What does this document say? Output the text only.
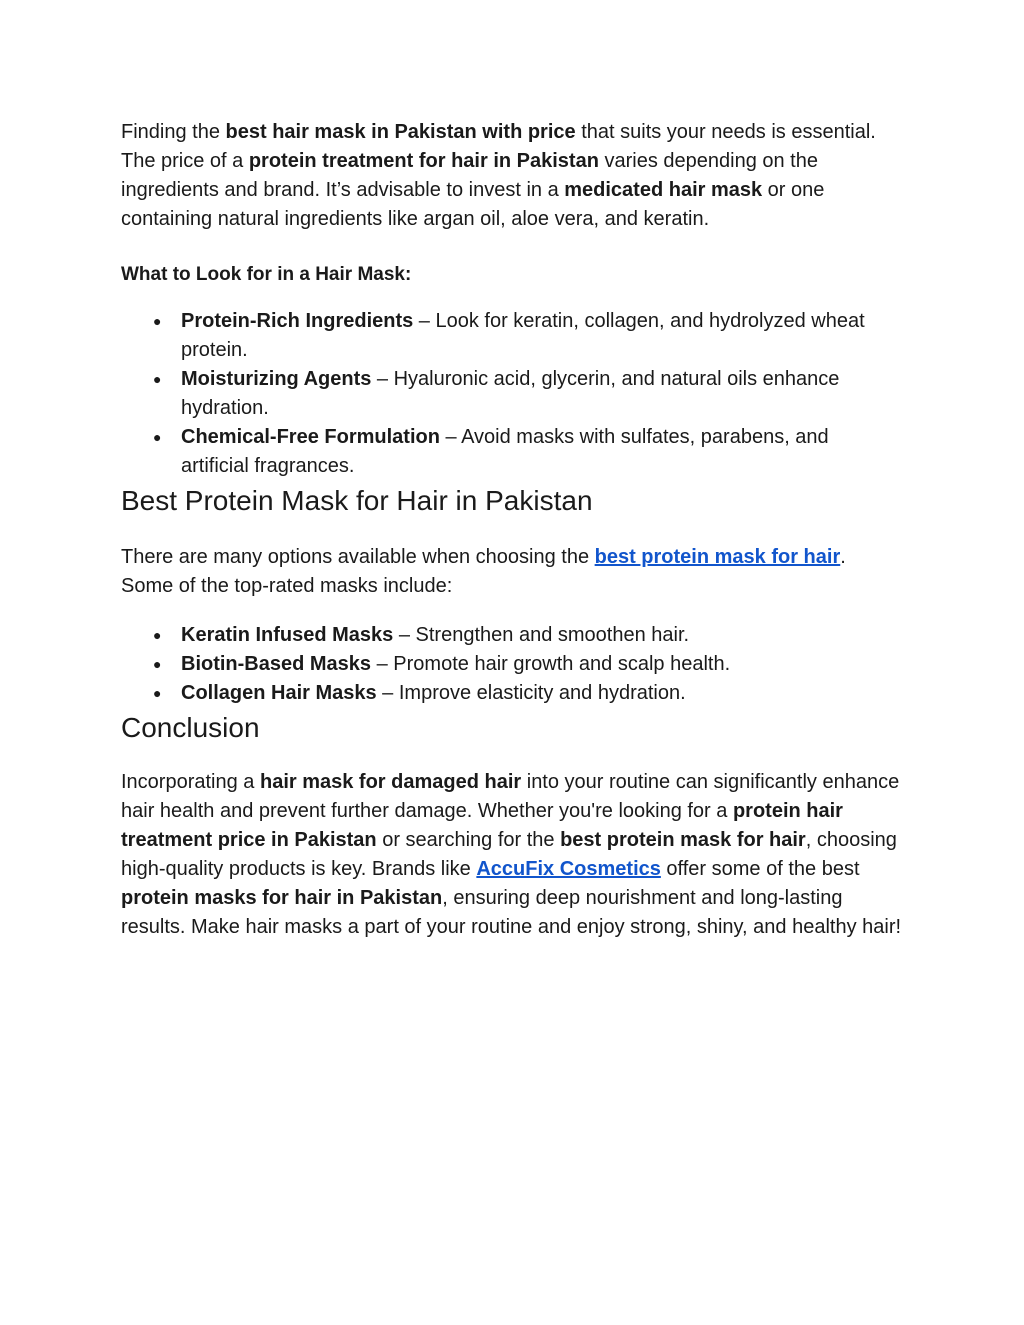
Finding the best hair mask in Pakistan with price that suits your needs is essential. The price of a protein treatment for hair in Pakistan varies depending on the ingredients and brand. It’s advisable to invest in a medicated hair mask or one containing natural ingredients like argan oil, aloe vera, and keratin.

What to Look for in a Hair Mask:

● Protein-Rich Ingredients – Look for keratin, collagen, and hydrolyzed wheat protein.
● Moisturizing Agents – Hyaluronic acid, glycerin, and natural oils enhance hydration.
● Chemical-Free Formulation – Avoid masks with sulfates, parabens, and artificial fragrances.
Best Protein Mask for Hair in Pakistan

There are many options available when choosing the best protein mask for hair. Some of the top-rated masks include:

● Keratin Infused Masks – Strengthen and smoothen hair.
● Biotin-Based Masks – Promote hair growth and scalp health.
● Collagen Hair Masks – Improve elasticity and hydration.
Conclusion

Incorporating a hair mask for damaged hair into your routine can significantly enhance hair health and prevent further damage. Whether you're looking for a protein hair treatment price in Pakistan or searching for the best protein mask for hair, choosing high-quality products is key. Brands like AccuFix Cosmetics offer some of the best protein masks for hair in Pakistan, ensuring deep nourishment and long-lasting results. Make hair masks a part of your routine and enjoy strong, shiny, and healthy hair!
